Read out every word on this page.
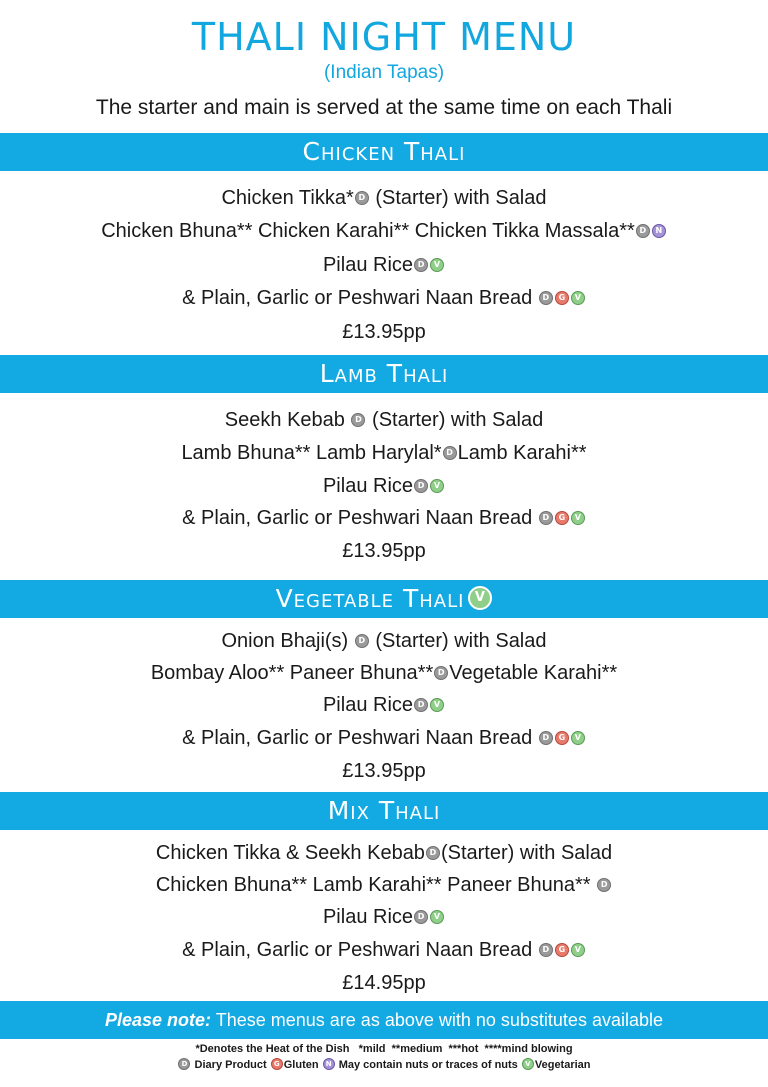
THALI NIGHT MENU
(Indian Tapas)
The starter and main is served at the same time on each Thali
Chicken Thali
Chicken Tikka* D (Starter) with Salad
Chicken Bhuna** Chicken Karahi** Chicken Tikka Massala** D N
Pilau Rice D V
& Plain, Garlic or Peshwari Naan Bread D G V
£13.95pp
Lamb Thali
Seekh Kebab D (Starter) with Salad
Lamb Bhuna** Lamb Harylal* D Lamb Karahi**
Pilau Rice D V
& Plain, Garlic or Peshwari Naan Bread D G V
£13.95pp
Vegetable Thali V
Onion Bhaji(s) D (Starter) with Salad
Bombay Aloo** Paneer Bhuna** D Vegetable Karahi**
Pilau Rice D V
& Plain, Garlic or Peshwari Naan Bread D G V
£13.95pp
Mix Thali
Chicken Tikka & Seekh Kebab D (Starter) with Salad
Chicken Bhuna** Lamb Karahi** Paneer Bhuna** D
Pilau Rice D V
& Plain, Garlic or Peshwari Naan Bread D G V
£14.95pp
Please note: These menus are as above with no substitutes available
*Denotes the Heat of the Dish   *mild  **medium  ***hot  ****mind blowing
D Diary Product G Gluten N May contain nuts or traces of nuts V Vegetarian
